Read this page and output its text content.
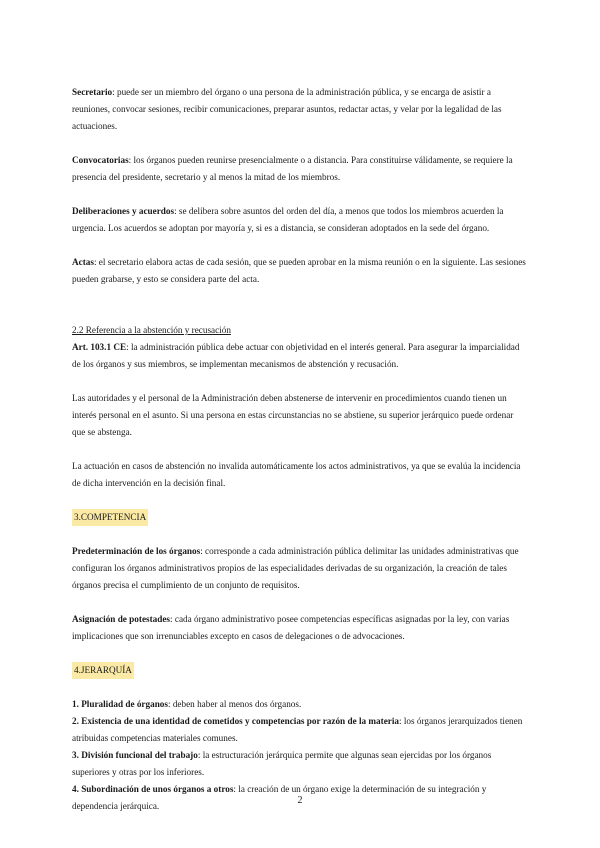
Secretario: puede ser un miembro del órgano o una persona de la administración pública, y se encarga de asistir a reuniones, convocar sesiones, recibir comunicaciones, preparar asuntos, redactar actas, y velar por la legalidad de las actuaciones.

Convocatorias: los órganos pueden reunirse presencialmente o a distancia. Para constituirse válidamente, se requiere la presencia del presidente, secretario y al menos la mitad de los miembros.

Deliberaciones y acuerdos: se delibera sobre asuntos del orden del día, a menos que todos los miembros acuerden la urgencia. Los acuerdos se adoptan por mayoría y, si es a distancia, se consideran adoptados en la sede del órgano.

Actas: el secretario elabora actas de cada sesión, que se pueden aprobar en la misma reunión o en la siguiente. Las sesiones pueden grabarse, y esto se considera parte del acta.

2.2 Referencia a la abstención y recusación

Art. 103.1 CE: la administración pública debe actuar con objetividad en el interés general. Para asegurar la imparcialidad de los órganos y sus miembros, se implementan mecanismos de abstención y recusación.

Las autoridades y el personal de la Administración deben abstenerse de intervenir en procedimientos cuando tienen un interés personal en el asunto. Si una persona en estas circunstancias no se abstiene, su superior jerárquico puede ordenar que se abstenga.

La actuación en casos de abstención no invalida automáticamente los actos administrativos, ya que se evalúa la incidencia de dicha intervención en la decisión final.

3.COMPETENCIA

Predeterminación de los órganos: corresponde a cada administración pública delimitar las unidades administrativas que configuran los órganos administrativos propios de las especialidades derivadas de su organización, la creación de tales órganos precisa el cumplimiento de un conjunto de requisitos.

Asignación de potestades: cada órgano administrativo posee competencias específicas asignadas por la ley, con varias implicaciones que son irrenunciables excepto en casos de delegaciones o de advocaciones.

4.JERARQUÍA

1. Pluralidad de órganos: deben haber al menos dos órganos.

2. Existencia de una identidad de cometidos y competencias por razón de la materia: los órganos jerarquizados tienen atribuidas competencias materiales comunes.

3. División funcional del trabajo: la estructuración jerárquica permite que algunas sean ejercidas por los órganos superiores y otras por los inferiores.

4. Subordinación de unos órganos a otros: la creación de un órgano exige la determinación de su integración y dependencia jerárquica.	2
